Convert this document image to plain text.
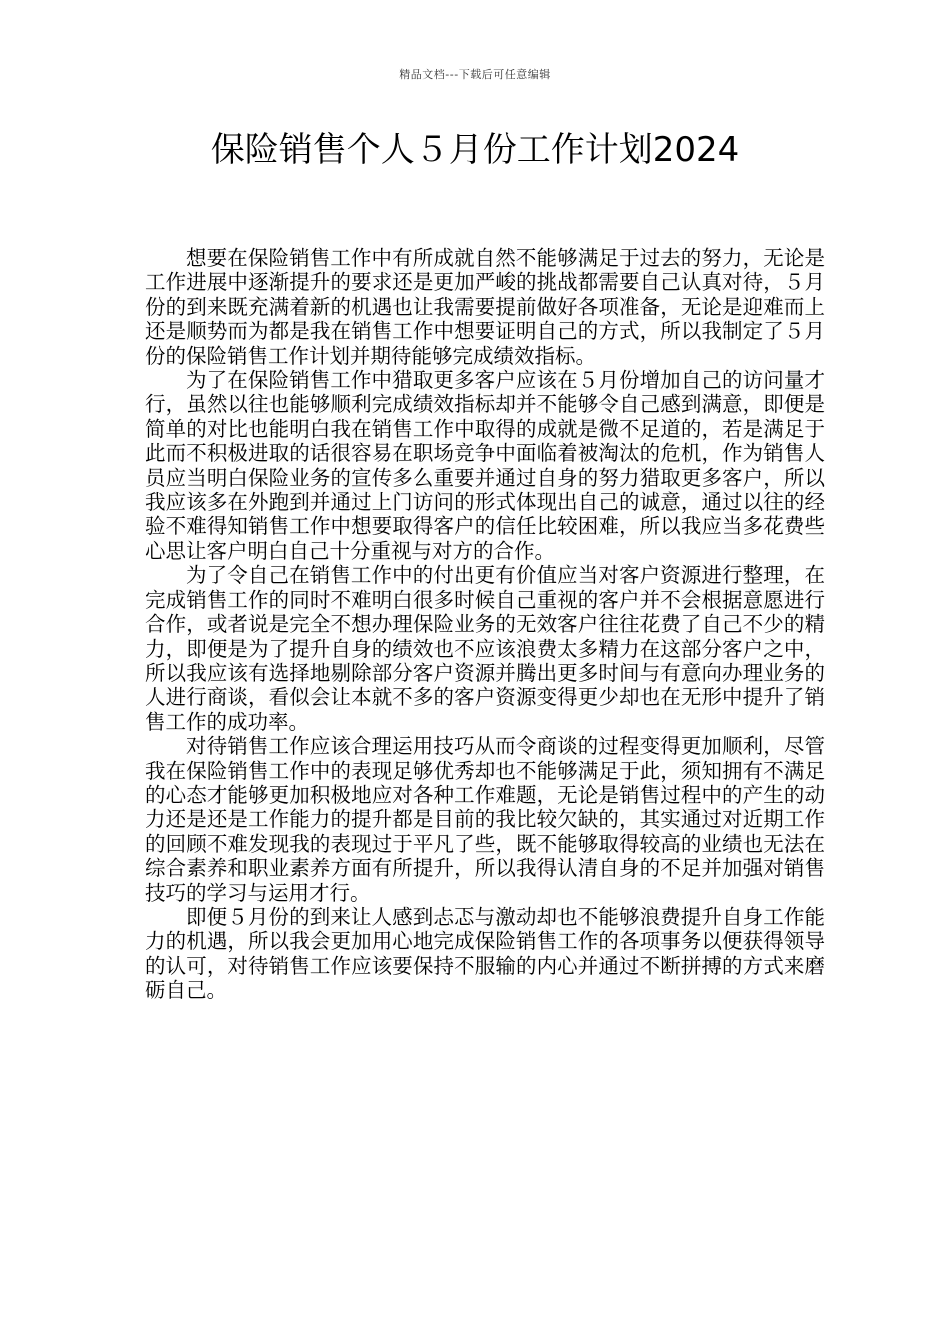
精品文档---下载后可任意编辑
保险销售个人５月份工作计划2024

想要在保险销售工作中有所成就自然不能够满足于过去的努力，无论是工作进展中逐渐提升的要求还是更加严峻的挑战都需要自己认真对待，５月份的到来既充满着新的机遇也让我需要提前做好各项准备，无论是迎难而上还是顺势而为都是我在销售工作中想要证明自己的方式，所以我制定了５月份的保险销售工作计划并期待能够完成绩效指标。

为了在保险销售工作中猎取更多客户应该在５月份增加自己的访问量才行，虽然以往也能够顺利完成绩效指标却并不能够令自己感到满意，即便是简单的对比也能明白我在销售工作中取得的成就是微不足道的，若是满足于此而不积极进取的话很容易在职场竞争中面临着被淘汰的危机，作为销售人员应当明白保险业务的宣传多么重要并通过自身的努力猎取更多客户，所以我应该多在外跑到并通过上门访问的形式体现出自己的诚意，通过以往的经验不难得知销售工作中想要取得客户的信任比较困难，所以我应当多花费些心思让客户明白自己十分重视与对方的合作。

为了令自己在销售工作中的付出更有价值应当对客户资源进行整理，在完成销售工作的同时不难明白很多时候自己重视的客户并不会根据意愿进行合作，或者说是完全不想办理保险业务的无效客户往往花费了自己不少的精力，即便是为了提升自身的绩效也不应该浪费太多精力在这部分客户之中，所以我应该有选择地剔除部分客户资源并腾出更多时间与有意向办理业务的人进行商谈，看似会让本就不多的客户资源变得更少却也在无形中提升了销售工作的成功率。

对待销售工作应该合理运用技巧从而令商谈的过程变得更加顺利，尽管我在保险销售工作中的表现足够优秀却也不能够满足于此，须知拥有不满足的心态才能够更加积极地应对各种工作难题，无论是销售过程中的产生的动力还是还是工作能力的提升都是目前的我比较欠缺的，其实通过对近期工作的回顾不难发现我的表现过于平凡了些，既不能够取得较高的业绩也无法在综合素养和职业素养方面有所提升，所以我得认清自身的不足并加强对销售技巧的学习与运用才行。

即便５月份的到来让人感到忐忑与激动却也不能够浪费提升自身工作能力的机遇，所以我会更加用心地完成保险销售工作的各项事务以便获得领导的认可，对待销售工作应该要保持不服输的内心并通过不断拼搏的方式来磨砺自己。
